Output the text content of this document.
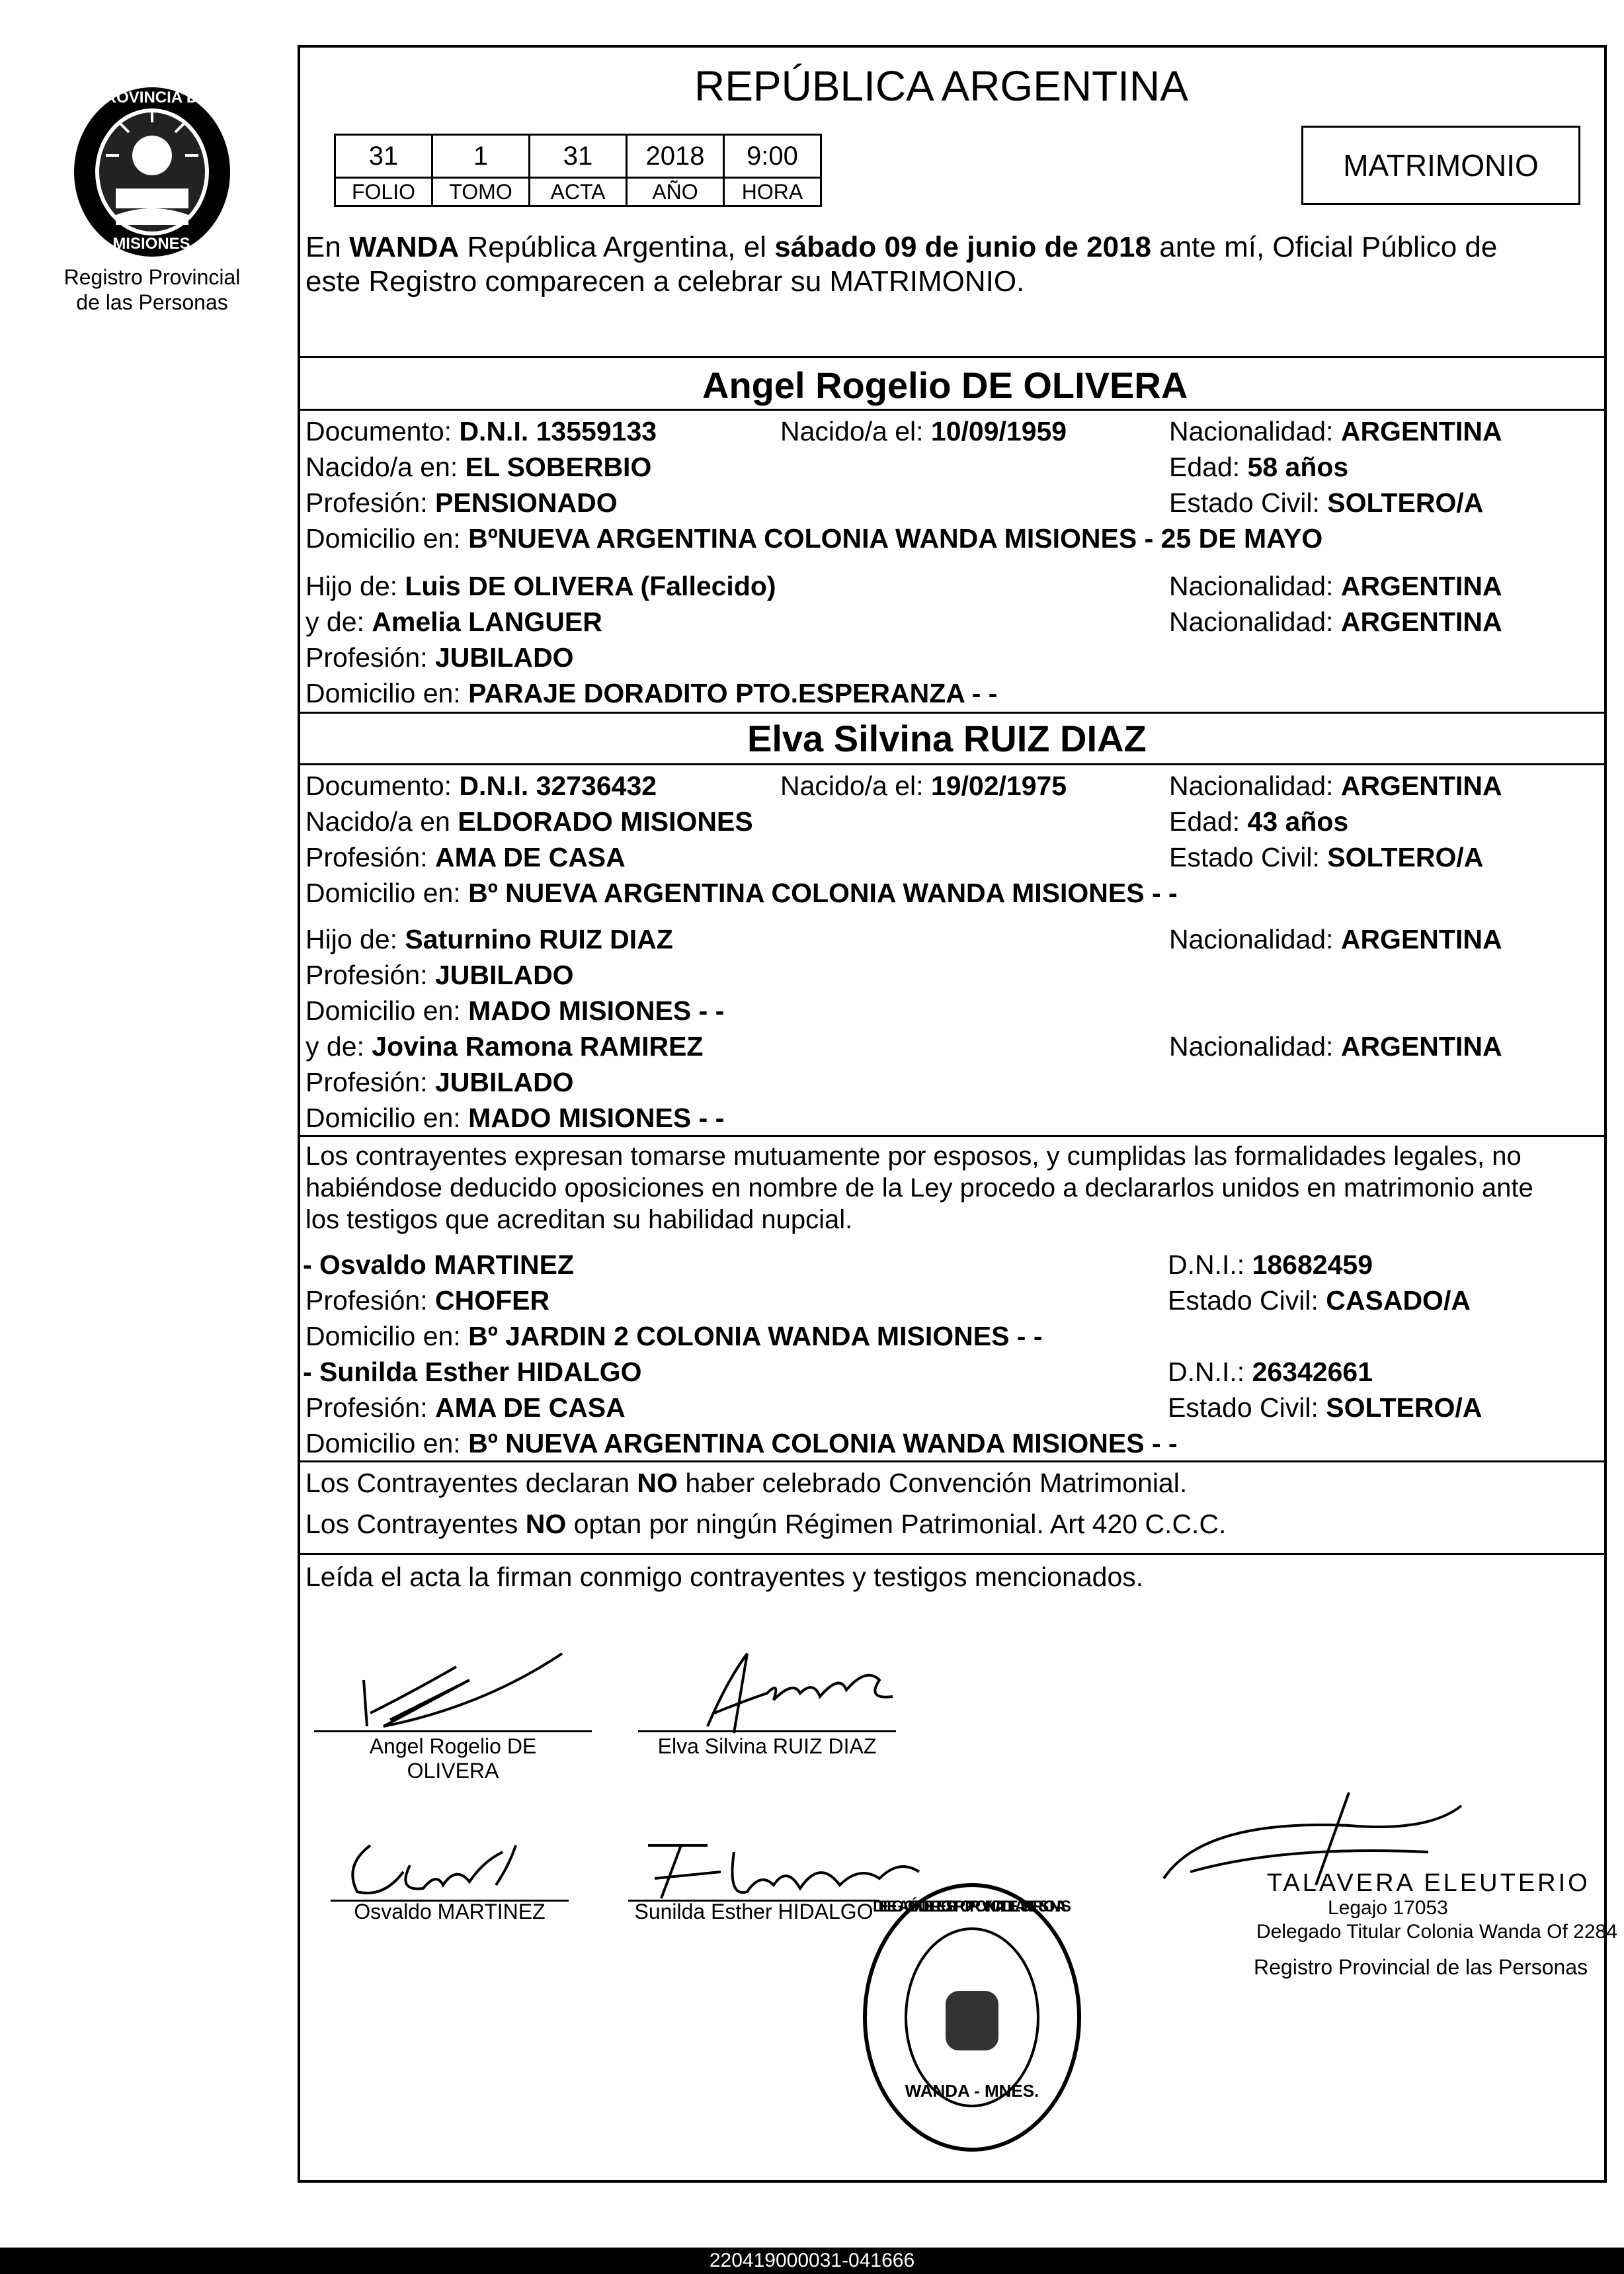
PROVINCIA DE
MISIONES
Registro Provincial
de las Personas
REPÚBLICA ARGENTINA
31	1	31	2018	9:00
FOLIO	TOMO	ACTA	AÑO	HORA
MATRIMONIO
En WANDA República Argentina, el sábado 09 de junio de 2018 ante mí, Oficial Público de
este Registro comparecen a celebrar su MATRIMONIO.
Angel Rogelio DE OLIVERA
Documento: D.N.I. 13559133	Nacido/a el: 10/09/1959	Nacionalidad: ARGENTINA
Nacido/a en: EL SOBERBIO	Edad: 58 años
Profesión: PENSIONADO	Estado Civil: SOLTERO/A
Domicilio en: BºNUEVA ARGENTINA COLONIA WANDA MISIONES - 25 DE MAYO
Hijo de: Luis DE OLIVERA (Fallecido)	Nacionalidad: ARGENTINA
y de: Amelia LANGUER	Nacionalidad: ARGENTINA
Profesión: JUBILADO
Domicilio en: PARAJE DORADITO PTO.ESPERANZA - -
Elva Silvina RUIZ DIAZ
Documento: D.N.I. 32736432	Nacido/a el: 19/02/1975	Nacionalidad: ARGENTINA
Nacido/a en ELDORADO MISIONES	Edad: 43 años
Profesión: AMA DE CASA	Estado Civil: SOLTERO/A
Domicilio en: Bº NUEVA ARGENTINA COLONIA WANDA MISIONES - -
Hijo de: Saturnino RUIZ DIAZ	Nacionalidad: ARGENTINA
Profesión: JUBILADO
Domicilio en: MADO MISIONES - -
y de: Jovina Ramona RAMIREZ	Nacionalidad: ARGENTINA
Profesión: JUBILADO
Domicilio en: MADO MISIONES - -
Los contrayentes expresan tomarse mutuamente por esposos, y cumplidas las formalidades legales, no
habiéndose deducido oposiciones en nombre de la Ley procedo a declararlos unidos en matrimonio ante
los testigos que acreditan su habilidad nupcial.
- Osvaldo MARTINEZ	D.N.I.: 18682459
Profesión: CHOFER	Estado Civil: CASADO/A
Domicilio en: Bº JARDIN 2 COLONIA WANDA MISIONES - -
- Sunilda Esther HIDALGO	D.N.I.: 26342661
Profesión: AMA DE CASA	Estado Civil: SOLTERO/A
Domicilio en: Bº NUEVA ARGENTINA COLONIA WANDA MISIONES - -
Los Contrayentes declaran NO haber celebrado Convención Matrimonial.
Los Contrayentes NO optan por ningún Régimen Patrimonial. Art 420 C.C.C.
Leída el acta la firman conmigo contrayentes y testigos mencionados.
Angel Rogelio DE
OLIVERA
Elva Silvina RUIZ DIAZ
Osvaldo MARTINEZ	Sunilda Esther HIDALGO
TALAVERA ELEUTERIO
Legajo 17053
Delegado Titular Colonia Wanda Of 2284
Registro Provincial de las Personas
DELEGACIÓN DEL REGISTRO PROVINCIAL DE LAS PERSONAS
WANDA - MNES.
220419000031-041666
